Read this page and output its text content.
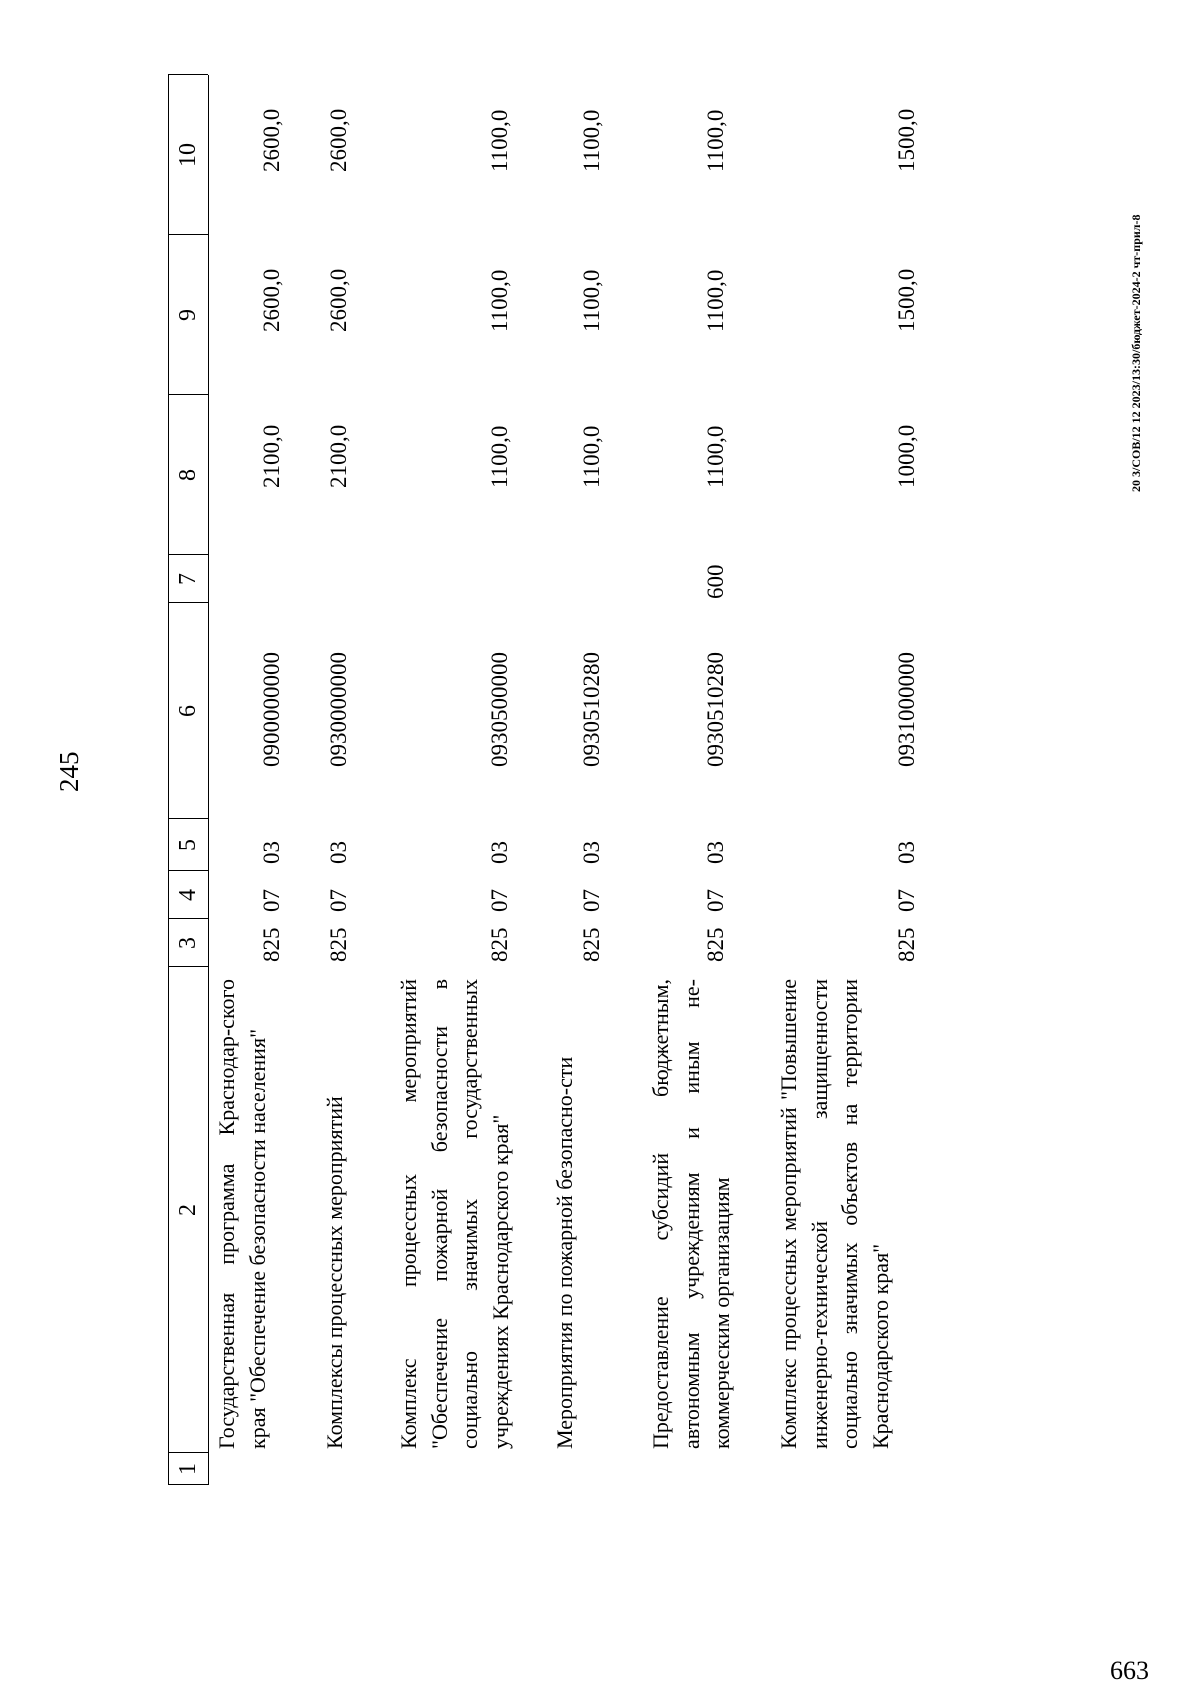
245
1
2
3
4
5
6
7
8
9
10
Государственная программа Краснодар-ского края "Обеспечение безопасности населения"
825
07
03
0900000000
2100,0
2600,0
2600,0
Комплексы процессных мероприятий
825
07
03
0930000000
2100,0
2600,0
2600,0
Комплекс процессных мероприятий "Обеспечение пожарной безопасности в социально значимых государственных учреждениях Краснодарского края"
825
07
03
0930500000
1100,0
1100,0
1100,0
Мероприятия по пожарной безопасно-сти
825
07
03
0930510280
1100,0
1100,0
1100,0
Предоставление субсидий бюджетным, автономным учреждениям и иным не-коммерческим организациям
825
07
03
0930510280
600
1100,0
1100,0
1100,0
Комплекс процессных мероприятий "Повышение инженерно-технической защищенности социально значимых объектов на территории Краснодарского края"
825
07
03
0931000000
1000,0
1500,0
1500,0
20 3/СОВ/12 12 2023/13:30/бюджет-2024-2 чт-прил-8
663
